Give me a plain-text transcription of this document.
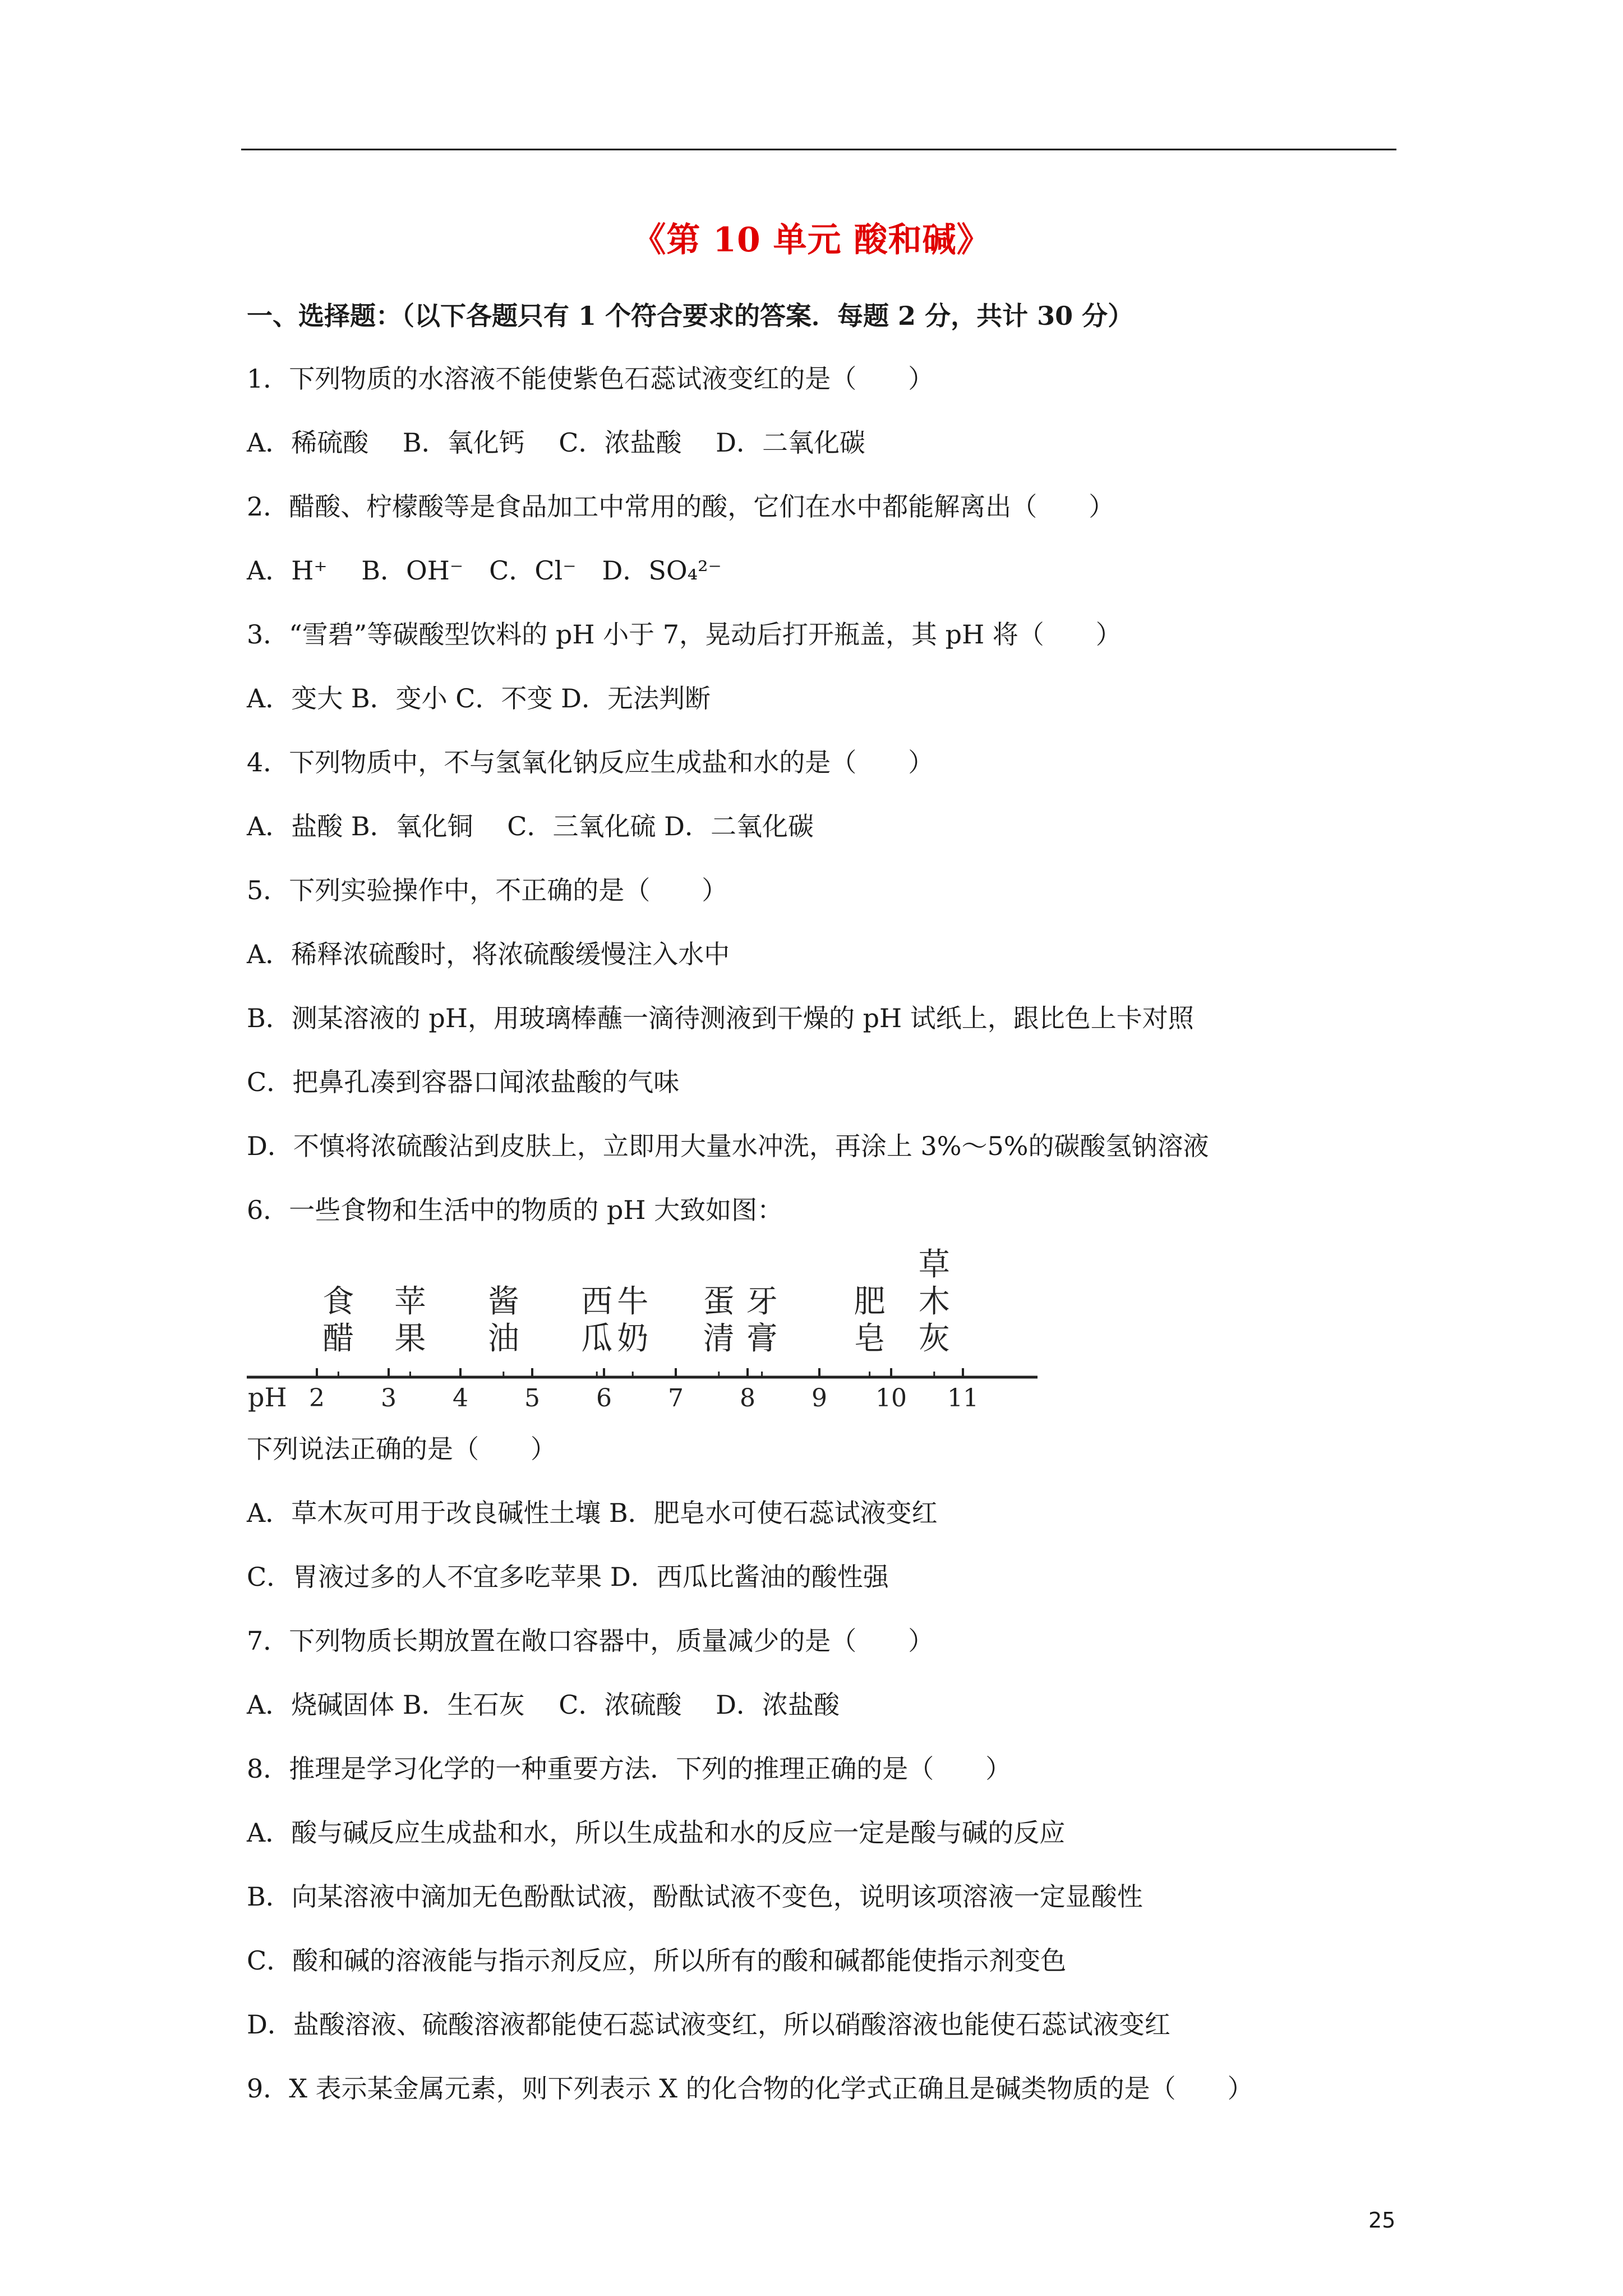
《第 10 单元 酸和碱》
一、选择题：（以下各题只有 1 个符合要求的答案．每题 2 分，共计 30 分）
1．下列物质的水溶液不能使紫色石蕊试液变红的是（　　）
A．稀硫酸　 B．氧化钙　 C．浓盐酸　 D．二氧化碳
2．醋酸、柠檬酸等是食品加工中常用的酸，它们在水中都能解离出（　　）
A．H⁺　 B．OH⁻　C．Cl⁻　D．SO₄²⁻
3．“雪碧”等碳酸型饮料的 pH 小于 7，晃动后打开瓶盖，其 pH 将（　　）
A．变大 B．变小 C．不变 D．无法判断
4．下列物质中，不与氢氧化钠反应生成盐和水的是（　　）
A．盐酸 B．氧化铜　 C．三氧化硫 D．二氧化碳
5．下列实验操作中，不正确的是（　　）
A．稀释浓硫酸时，将浓硫酸缓慢注入水中
B．测某溶液的 pH，用玻璃棒蘸一滴待测液到干燥的 pH 试纸上，跟比色上卡对照
C．把鼻孔凑到容器口闻浓盐酸的气味
D．不慎将浓硫酸沾到皮肤上，立即用大量水冲洗，再涂上 3%～5%的碳酸氢钠溶液
6．一些食物和生活中的物质的 pH 大致如图：
pH 2 3 4 5 6 7 8 9 10 11
食
醋
苹
果
酱
油
西
瓜
牛
奶
蛋
清
牙
膏
肥
皂
草
木
灰
下列说法正确的是（　　）
A．草木灰可用于改良碱性土壤 B．肥皂水可使石蕊试液变红
C．胃液过多的人不宜多吃苹果 D．西瓜比酱油的酸性强
7．下列物质长期放置在敞口容器中，质量减少的是（　　）
A．烧碱固体 B．生石灰　 C．浓硫酸　 D．浓盐酸
8．推理是学习化学的一种重要方法．下列的推理正确的是（　　）
A．酸与碱反应生成盐和水，所以生成盐和水的反应一定是酸与碱的反应
B．向某溶液中滴加无色酚酞试液，酚酞试液不变色，说明该项溶液一定显酸性
C．酸和碱的溶液能与指示剂反应，所以所有的酸和碱都能使指示剂变色
D．盐酸溶液、硫酸溶液都能使石蕊试液变红，所以硝酸溶液也能使石蕊试液变红
9．X 表示某金属元素，则下列表示 X 的化合物的化学式正确且是碱类物质的是（　　）
25
